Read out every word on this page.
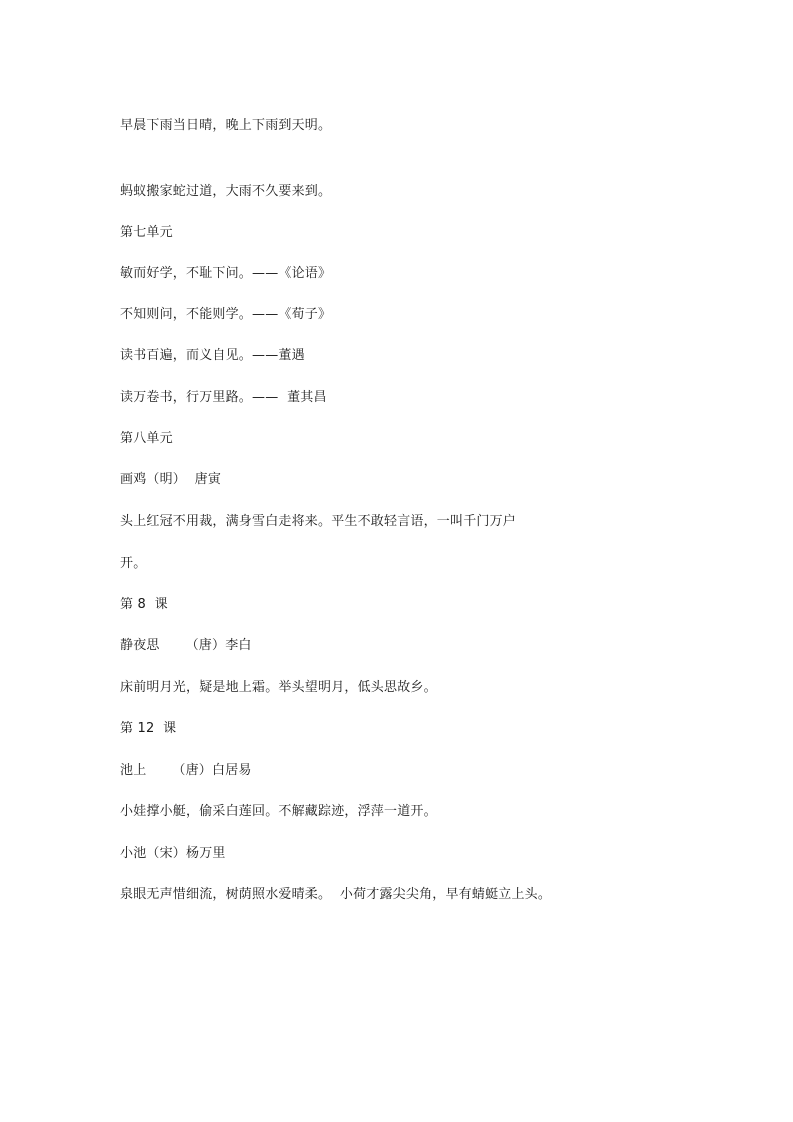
早晨下雨当日晴，晚上下雨到天明。
蚂蚁搬家蛇过道，大雨不久要来到。
第七单元
敏而好学，不耻下问。——《论语》
不知则问，不能则学。——《荀子》
读书百遍，而义自见。——董遇
读万卷书，行万里路。——  董其昌
第八单元
画鸡（明）  唐寅
头上红冠不用裁，满身雪白走将来。平生不敢轻言语，一叫千门万户
开。
第 8  课
静夜思      （唐）李白
床前明月光，疑是地上霜。举头望明月，低头思故乡。
第 12  课
池上      （唐）白居易
小娃撑小艇，偷采白莲回。不解藏踪迹，浮萍一道开。
小池（宋）杨万里
泉眼无声惜细流，树荫照水爱晴柔。  小荷才露尖尖角，早有蜻蜓立上头。
